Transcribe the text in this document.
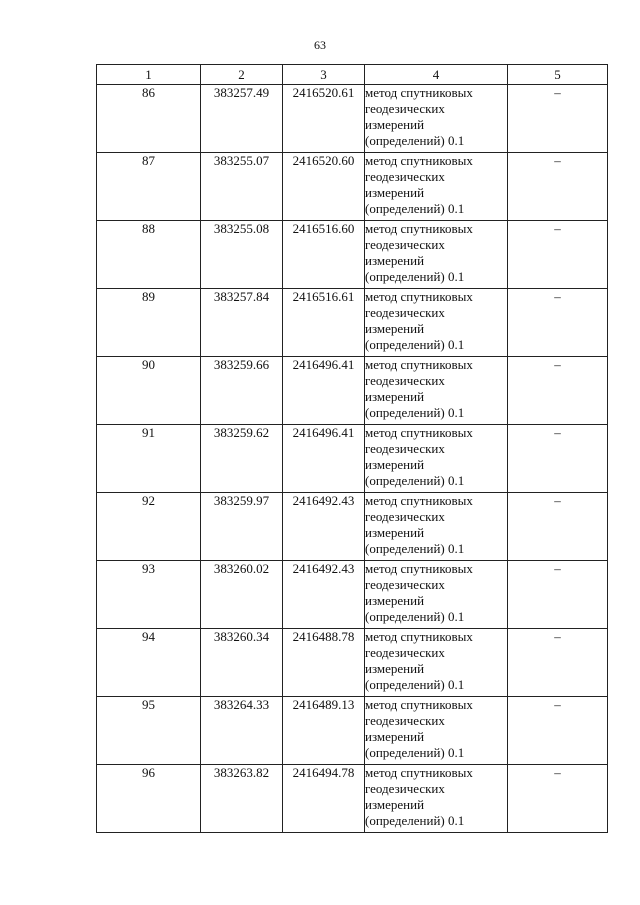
63
1	2	3	4	5
86	383257.49	2416520.61	метод спутниковых
геодезических
измерений
(определений) 0.1	–
87	383255.07	2416520.60	метод спутниковых
геодезических
измерений
(определений) 0.1	–
88	383255.08	2416516.60	метод спутниковых
геодезических
измерений
(определений) 0.1	–
89	383257.84	2416516.61	метод спутниковых
геодезических
измерений
(определений) 0.1	–
90	383259.66	2416496.41	метод спутниковых
геодезических
измерений
(определений) 0.1	–
91	383259.62	2416496.41	метод спутниковых
геодезических
измерений
(определений) 0.1	–
92	383259.97	2416492.43	метод спутниковых
геодезических
измерений
(определений) 0.1	–
93	383260.02	2416492.43	метод спутниковых
геодезических
измерений
(определений) 0.1	–
94	383260.34	2416488.78	метод спутниковых
геодезических
измерений
(определений) 0.1	–
95	383264.33	2416489.13	метод спутниковых
геодезических
измерений
(определений) 0.1	–
96	383263.82	2416494.78	метод спутниковых
геодезических
измерений
(определений) 0.1	–
